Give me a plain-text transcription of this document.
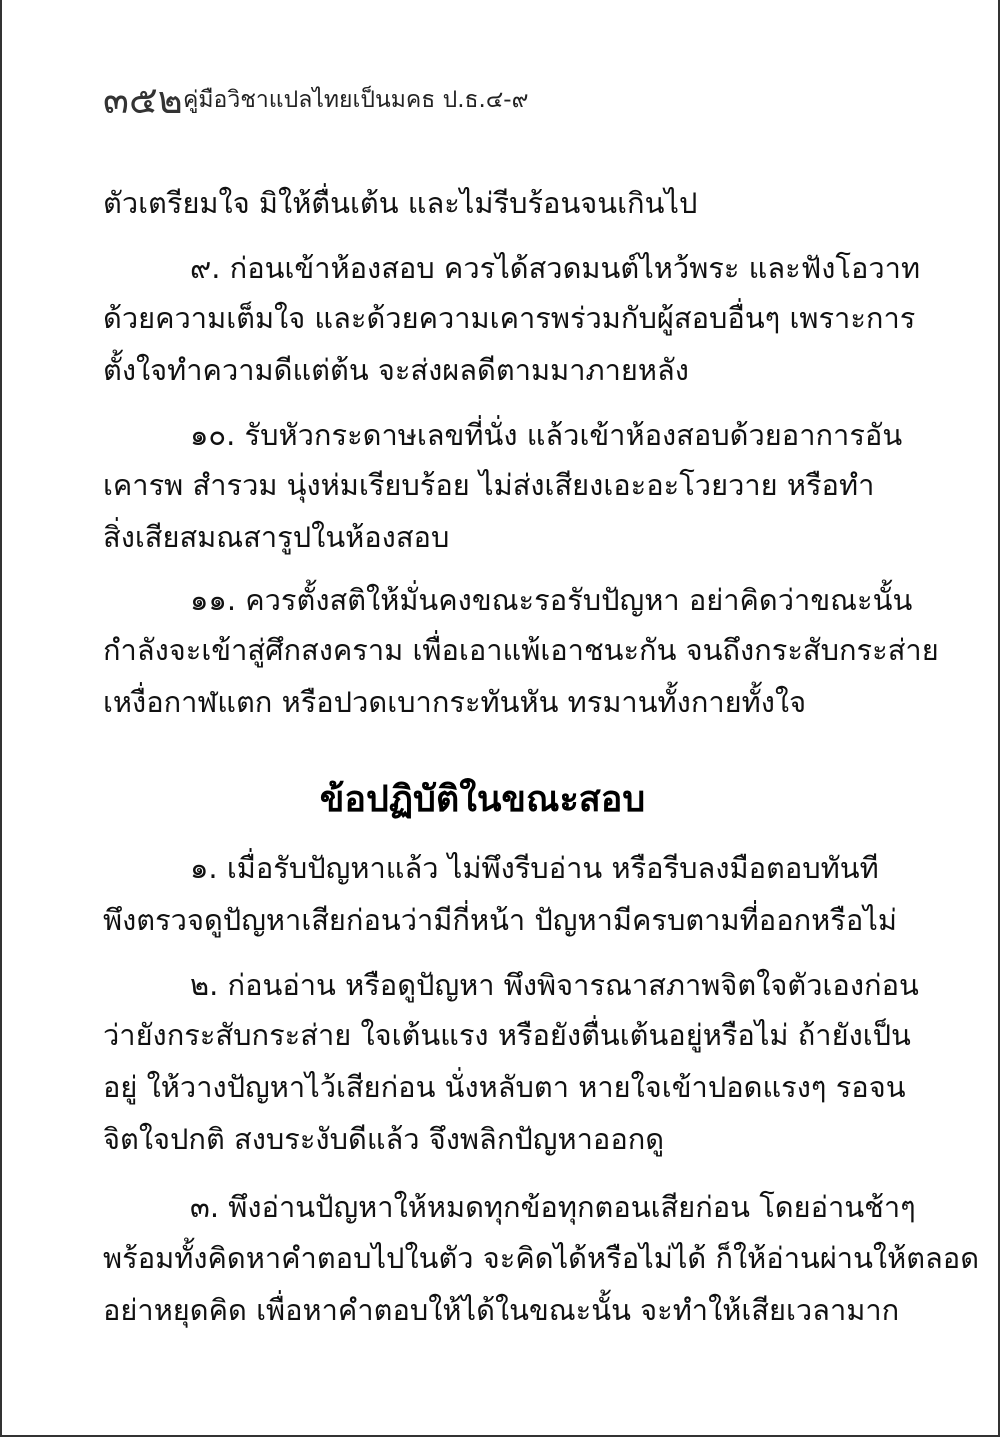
๓๕๒ คู่มือวิชาแปลไทยเป็นมคธ ป.ธ.๔-๙
ตัวเตรียมใจ มิให้ตื่นเต้น และไม่รีบร้อนจนเกินไป
๙. ก่อนเข้าห้องสอบ ควรได้สวดมนต์ไหว้พระ และฟังโอวาท
ด้วยความเต็มใจ และด้วยความเคารพร่วมกับผู้สอบอื่นๆ เพราะการ
ตั้งใจทำความดีแต่ต้น จะส่งผลดีตามมาภายหลัง
๑๐. รับหัวกระดาษเลขที่นั่ง แล้วเข้าห้องสอบด้วยอาการอัน
เคารพ สำรวม นุ่งห่มเรียบร้อย ไม่ส่งเสียงเอะอะโวยวาย หรือทำ
สิ่งเสียสมณสารูปในห้องสอบ
๑๑. ควรตั้งสติให้มั่นคงขณะรอรับปัญหา อย่าคิดว่าขณะนั้น
กำลังจะเข้าสู่ศึกสงคราม เพื่อเอาแพ้เอาชนะกัน จนถึงกระสับกระส่าย
เหงื่อกาฬแตก หรือปวดเบากระทันหัน ทรมานทั้งกายทั้งใจ
ข้อปฏิบัติในขณะสอบ
๑. เมื่อรับปัญหาแล้ว ไม่พึงรีบอ่าน หรือรีบลงมือตอบทันที
พึงตรวจดูปัญหาเสียก่อนว่ามีกี่หน้า ปัญหามีครบตามที่ออกหรือไม่
๒. ก่อนอ่าน หรือดูปัญหา พึงพิจารณาสภาพจิตใจตัวเองก่อน
ว่ายังกระสับกระส่าย ใจเต้นแรง หรือยังตื่นเต้นอยู่หรือไม่ ถ้ายังเป็น
อยู่ ให้วางปัญหาไว้เสียก่อน นั่งหลับตา หายใจเข้าปอดแรงๆ รอจน
จิตใจปกติ สงบระงับดีแล้ว จึงพลิกปัญหาออกดู
๓. พึงอ่านปัญหาให้หมดทุกข้อทุกตอนเสียก่อน โดยอ่านช้าๆ
พร้อมทั้งคิดหาคำตอบไปในตัว จะคิดได้หรือไม่ได้ ก็ให้อ่านผ่านให้ตลอด
อย่าหยุดคิด เพื่อหาคำตอบให้ได้ในขณะนั้น จะทำให้เสียเวลามาก
